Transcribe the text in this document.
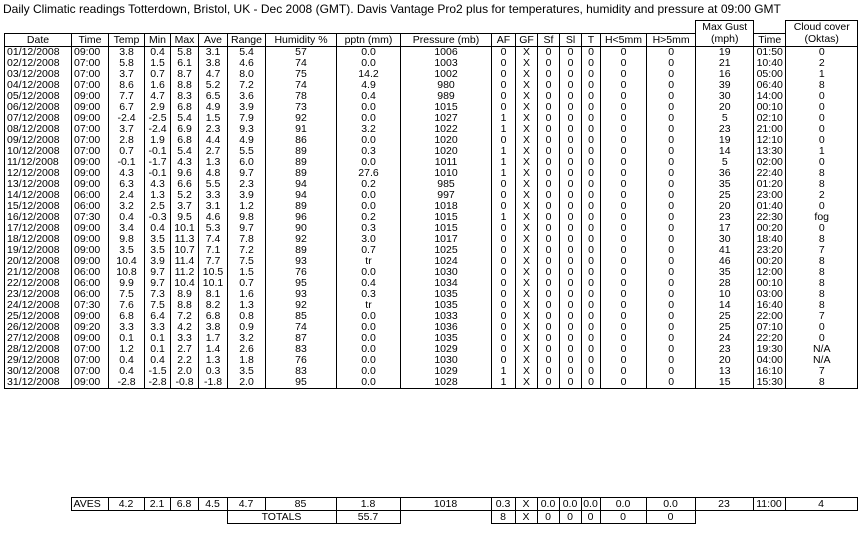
Daily Climatic readings Totterdown, Bristol, UK - Dec 2008 (GMT). Davis Vantage Pro2 plus for temperatures, humidity and pressure at 09:00 GMT
																	Max Gust		Cloud cover
Date	Time	Temp	Min	Max	Ave	Range	Humidity %	pptn (mm)	Pressure (mb)	AF	GF	Sf	Sl	T	H<5mm	H>5mm	(mph)	Time	(Oktas)
01/12/2008	09:00	3.8	0.4	5.8	3.1	5.4	57	0.0	1006	0	X	0	0	0	0	0	19	01:50	0
02/12/2008	07:00	5.8	1.5	6.1	3.8	4.6	74	0.0	1003	0	X	0	0	0	0	0	21	10:40	2
03/12/2008	07:00	3.7	0.7	8.7	4.7	8.0	75	14.2	1002	0	X	0	0	0	0	0	16	05:00	1
04/12/2008	07:00	8.6	1.6	8.8	5.2	7.2	74	4.9	980	0	X	0	0	0	0	0	39	06:40	8
05/12/2008	09:00	7.7	4.7	8.3	6.5	3.6	78	0.4	989	0	X	0	0	0	0	0	30	14:00	0
06/12/2008	09:00	6.7	2.9	6.8	4.9	3.9	73	0.0	1015	0	X	0	0	0	0	0	20	00:10	0
07/12/2008	09:00	-2.4	-2.5	5.4	1.5	7.9	92	0.0	1027	1	X	0	0	0	0	0	5	02:10	0
08/12/2008	07:00	3.7	-2.4	6.9	2.3	9.3	91	3.2	1022	1	X	0	0	0	0	0	23	21:00	0
09/12/2008	07:00	2.8	1.9	6.8	4.4	4.9	86	0.0	1020	0	X	0	0	0	0	0	19	12:10	0
10/12/2008	07:00	0.7	-0.1	5.4	2.7	5.5	89	0.3	1020	1	X	0	0	0	0	0	14	13:30	1
11/12/2008	09:00	-0.1	-1.7	4.3	1.3	6.0	89	0.0	1011	1	X	0	0	0	0	0	5	02:00	0
12/12/2008	09:00	4.3	-0.1	9.6	4.8	9.7	89	27.6	1010	1	X	0	0	0	0	0	36	22:40	8
13/12/2008	09:00	6.3	4.3	6.6	5.5	2.3	94	0.2	985	0	X	0	0	0	0	0	35	01:20	8
14/12/2008	06:00	2.4	1.3	5.2	3.3	3.9	94	0.0	997	0	X	0	0	0	0	0	25	23:00	2
15/12/2008	06:00	3.2	2.5	3.7	3.1	1.2	89	0.0	1018	0	X	0	0	0	0	0	20	01:40	0
16/12/2008	07:30	0.4	-0.3	9.5	4.6	9.8	96	0.2	1015	1	X	0	0	0	0	0	23	22:30	fog
17/12/2008	09:00	3.4	0.4	10.1	5.3	9.7	90	0.3	1015	0	X	0	0	0	0	0	17	00:20	0
18/12/2008	09:00	9.8	3.5	11.3	7.4	7.8	92	3.0	1017	0	X	0	0	0	0	0	30	18:40	8
19/12/2008	09:00	3.5	3.5	10.7	7.1	7.2	89	0.7	1025	0	X	0	0	0	0	0	41	23:20	7
20/12/2008	09:00	10.4	3.9	11.4	7.7	7.5	93	tr	1024	0	X	0	0	0	0	0	46	00:20	8
21/12/2008	06:00	10.8	9.7	11.2	10.5	1.5	76	0.0	1030	0	X	0	0	0	0	0	35	12:00	8
22/12/2008	06:00	9.9	9.7	10.4	10.1	0.7	95	0.4	1034	0	X	0	0	0	0	0	28	00:10	8
23/12/2008	06:00	7.5	7.3	8.9	8.1	1.6	93	0.3	1035	0	X	0	0	0	0	0	10	03:00	8
24/12/2008	07:30	7.6	7.5	8.8	8.2	1.3	92	tr	1035	0	X	0	0	0	0	0	14	16:40	8
25/12/2008	09:00	6.8	6.4	7.2	6.8	0.8	85	0.0	1033	0	X	0	0	0	0	0	25	22:00	7
26/12/2008	09:20	3.3	3.3	4.2	3.8	0.9	74	0.0	1036	0	X	0	0	0	0	0	25	07:10	0
27/12/2008	09:00	0.1	0.1	3.3	1.7	3.2	87	0.0	1035	0	X	0	0	0	0	0	24	22:20	0
28/12/2008	07:00	1.2	0.1	2.7	1.4	2.6	83	0.0	1029	0	X	0	0	0	0	0	23	19:30	N/A
29/12/2008	07:00	0.4	0.4	2.2	1.3	1.8	76	0.0	1030	0	X	0	0	0	0	0	20	04:00	N/A
30/12/2008	07:00	0.4	-1.5	2.0	0.3	3.5	83	0.0	1029	1	X	0	0	0	0	0	13	16:10	7
31/12/2008	09:00	-2.8	-2.8	-0.8	-1.8	2.0	95	0.0	1028	1	X	0	0	0	0	0	15	15:30	8
	AVES	4.2	2.1	6.8	4.5	4.7	85	1.8	1018	0.3	X	0.0	0.0	0.0	0.0	0.0	23	11:00	4
						TOTALS		55.7		8	X	0	0	0	0	0			
